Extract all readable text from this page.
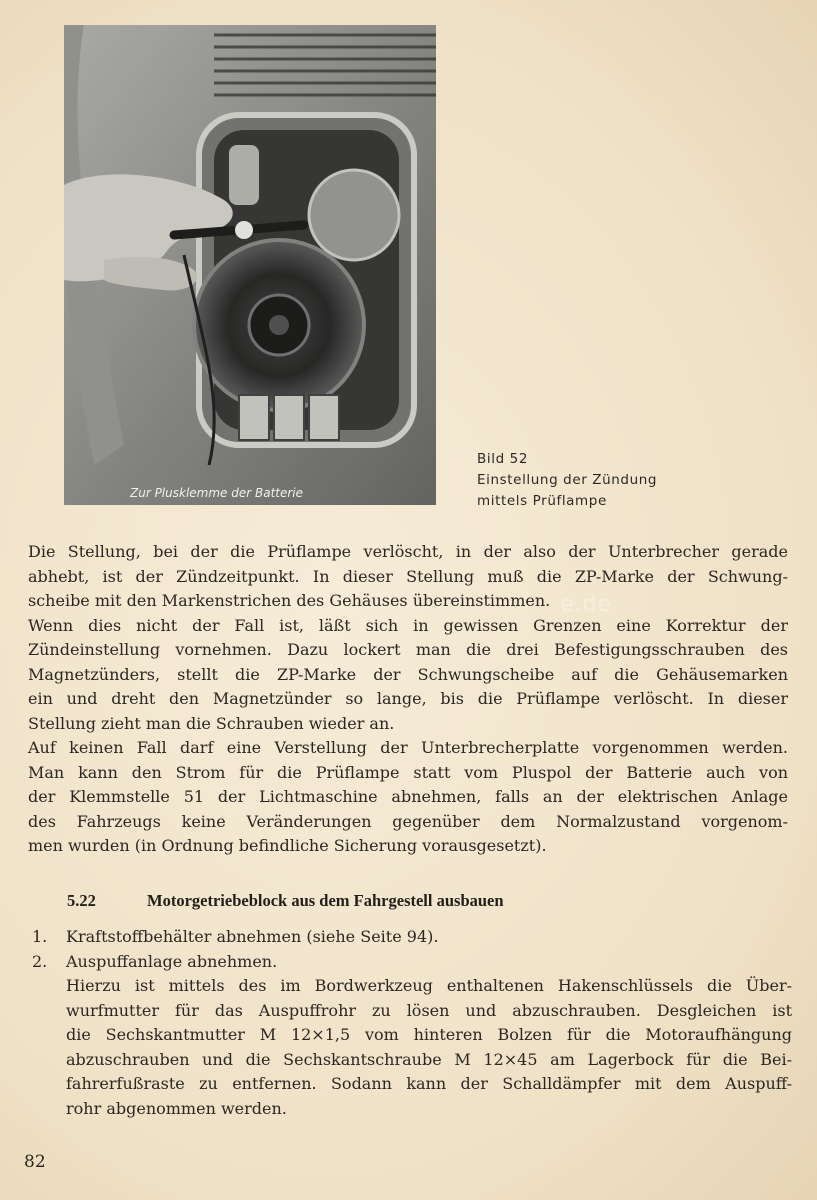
Zur Plusklemme der Batterie
Bild 52
Einstellung der Zündung
mittels Prüflampe
e.de
Die Stellung, bei der die Prüflampe verlöscht, in der also der Unterbrecher gerade
abhebt, ist der Zündzeitpunkt. In dieser Stellung muß die ZP-Marke der Schwung-
scheibe mit den Markenstrichen des Gehäuses übereinstimmen.
Wenn dies nicht der Fall ist, läßt sich in gewissen Grenzen eine Korrektur der
Zündeinstellung vornehmen. Dazu lockert man die drei Befestigungsschrauben des
Magnetzünders, stellt die ZP-Marke der Schwungscheibe auf die Gehäusemarken
ein und dreht den Magnetzünder so lange, bis die Prüflampe verlöscht. In dieser
Stellung zieht man die Schrauben wieder an.
Auf keinen Fall darf eine Verstellung der Unterbrecherplatte vorgenommen werden.
Man kann den Strom für die Prüflampe statt vom Pluspol der Batterie auch von
der Klemmstelle 51 der Lichtmaschine abnehmen, falls an der elektrischen Anlage
des Fahrzeugs keine Veränderungen gegenüber dem Normalzustand vorgenom-
men wurden (in Ordnung befindliche Sicherung vorausgesetzt).
5.22	Motorgetriebeblock aus dem Fahrgestell ausbauen
1. Kraftstoffbehälter abnehmen (siehe Seite 94).
2. Auspuffanlage abnehmen.
Hierzu ist mittels des im Bordwerkzeug enthaltenen Hakenschlüssels die Über-
wurfmutter für das Auspuffrohr zu lösen und abzuschrauben. Desgleichen ist
die Sechskantmutter M 12×1,5 vom hinteren Bolzen für die Motoraufhängung
abzuschrauben und die Sechskantschraube M 12×45 am Lagerbock für die Bei-
fahrerfußraste zu entfernen. Sodann kann der Schalldämpfer mit dem Auspuff-
rohr abgenommen werden.
82
